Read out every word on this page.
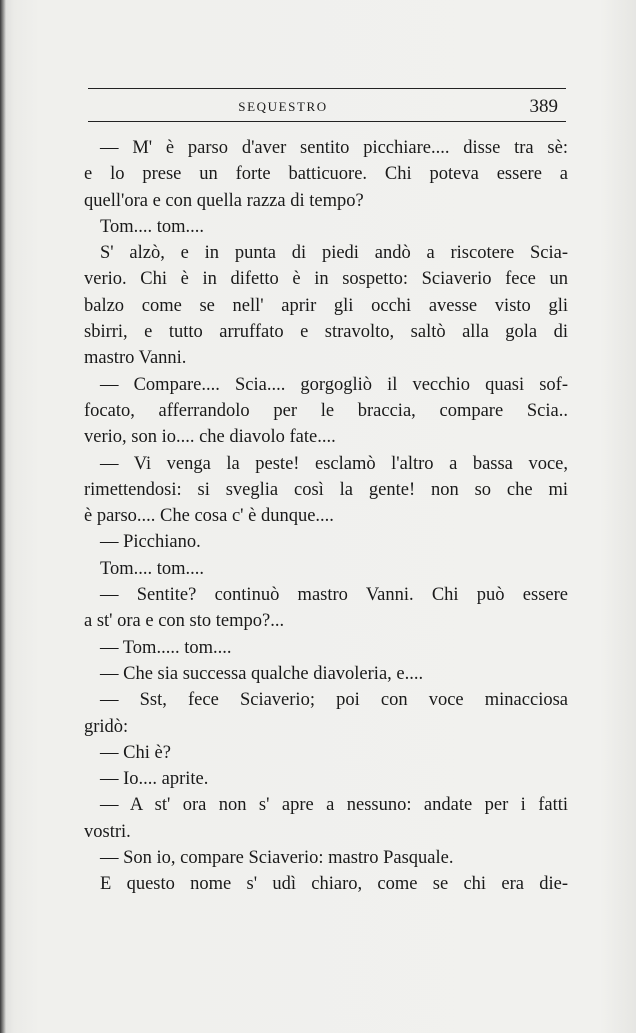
SEQUESTRO	389
— M' è parso d'aver sentito picchiare.... disse tra sè:
e lo prese un forte batticuore. Chi poteva essere a
quell'ora e con quella razza di tempo?
Tom.... tom....
S' alzò, e in punta di piedi andò a riscotere Scia-
verio. Chi è in difetto è in sospetto: Sciaverio fece un
balzo come se nell' aprir gli occhi avesse visto gli
sbirri, e tutto arruffato e stravolto, saltò alla gola di
mastro Vanni.
— Compare.... Scia.... gorgogliò il vecchio quasi sof-
focato, afferrandolo per le braccia, compare Scia..
verio, son io.... che diavolo fate....
— Vi venga la peste! esclamò l'altro a bassa voce,
rimettendosi: si sveglia così la gente! non so che mi
è parso.... Che cosa c' è dunque....
— Picchiano.
Tom.... tom....
— Sentite? continuò mastro Vanni. Chi può essere
a st' ora e con sto tempo?...
— Tom..... tom....
— Che sia successa qualche diavoleria, e....
— Sst, fece Sciaverio; poi con voce minacciosa
gridò:
— Chi è?
— Io.... aprite.
— A st' ora non s' apre a nessuno: andate per i fatti
vostri.
— Son io, compare Sciaverio: mastro Pasquale.
E questo nome s' udì chiaro, come se chi era die-
